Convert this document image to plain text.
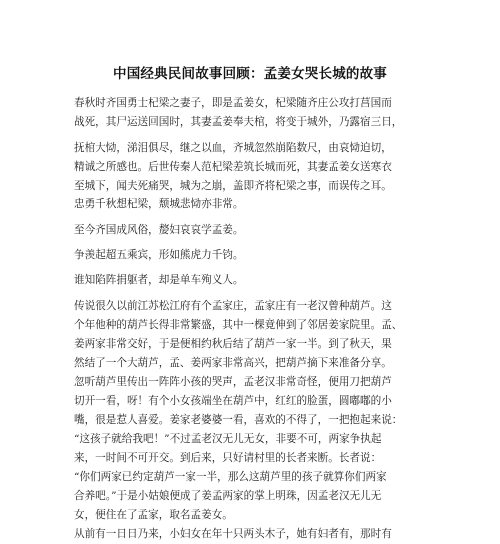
中国经典民间故事回顾：孟姜女哭长城的故事
春秋时齐国勇士杞梁之妻子，即是孟姜女，杞梁随齐庄公攻打莒国而
战死，其尸运送回国时，其妻孟姜奉夫棺，将变于城外，乃露宿三日，
抚棺大恸，涕泪俱尽，继之以血，齐城忽然崩陷数尺，由哀恸迫切，
精诚之所感也。后世传秦人范杞梁差筑长城而死，其妻孟姜女送寒衣
至城下，闻夫死痛哭，城为之崩，盖即齐将杞梁之事，而误传之耳。
忠勇千秋想杞梁，颓城悲恸亦非常。
至今齐国成风俗，嫠妇哀哀学孟姜。
争羡起超五乘宾，形如熊虎力千钧。
谁知陷阵捐躯者，却是单车殉义人。
传说很久以前江苏松江府有个孟家庄，孟家庄有一老汉曾种葫芦。这
个年他种的葫芦长得非常繁盛，其中一棵竟伸到了邻居姜家院里。孟、
姜两家非常交好，于是便相约秋后结了葫芦一家一半。到了秋天，果
然结了一个大葫芦，孟、姜两家非常高兴，把葫芦摘下来准备分享。
忽听葫芦里传出一阵阵小孩的哭声，孟老汉非常奇怪，便用刀把葫芦
切开一看，呀！有个小女孩端坐在葫芦中，红红的脸蛋，圆嘟嘟的小
嘴，很是惹人喜爱。姜家老婆婆一看，喜欢的不得了，一把抱起来说：
“这孩子就给我吧！”不过孟老汉无儿无女，非要不可，两家争执起
来，一时间不可开交。到后来，只好请村里的长者来断。长者说：
“你们两家已约定葫芦一家一半，那么这葫芦里的孩子就算你们两家
合养吧。”于是小姑娘便成了姜孟两家的掌上明珠，因孟老汉无儿无
女，便住在了孟家，取名孟姜女。
从前有一日日乃来，小妇女在年十只两头木子，她有妇者有，那时有
